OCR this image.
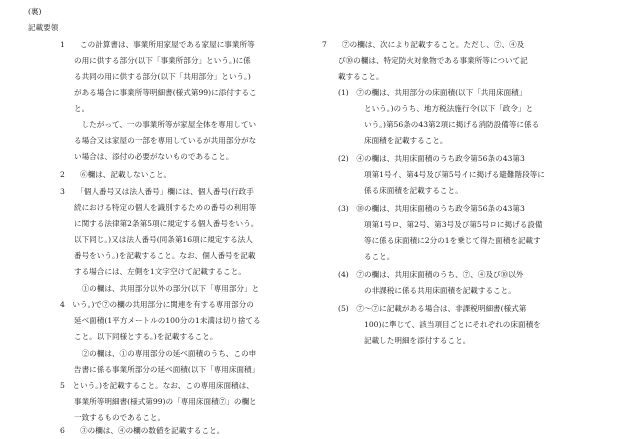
(裏)
記載要領

1　　この計算書は、事業所用家屋である家屋に事業所等

の用に供する部分(以下「事業所部分」という。)に係

る共同の用に供する部分(以下「共用部分」という。)

がある場合に事業所等明細書(様式第99)に添付するこ

と。

　したがって、一の事業所等が家屋全体を専用してい

る場合又は家屋の一部を専用しているが共用部分がな

い場合は、添付の必要がないものであること。

2　　⑥欄は、記載しないこと。

3　　「個人番号又は法人番号」欄には、個人番号(行政手

続における特定の個人を識別するための番号の利用等

に関する法律第2条第5項に規定する個人番号をいう。

以下同じ。)又は法人番号(同条第16項に規定する法人

番号をいう。)を記載すること。なお、個人番号を記載

する場合には、左側を1文字空けて記載すること。

　①の欄は、共用部分以外の部分(以下「専用部分」と

4　いう。)で⑦の欄の共用部分に関連を有する専用部分の

延べ面積(1平方メートルの100分の1未満は切り捨てる

こと。以下同様とする。)を記載すること。

　②の欄は、①の専用部分の延べ面積のうち、この申

告書に係る事業所部分の延べ面積(以下「専用床面積」

5　という。)を記載すること。なお、この専用床面積は、

事業所等明細書(様式第99)の「専用床面積⑦」の欄と

一致するものであること。

6　　③の欄は、④の欄の数値を記載すること。

7　　⑦の欄は、次により記載すること。ただし、⑦、④及

び⑩の欄は、特定防火対象物である事業所等について記

載すること。

(1)　⑦の欄は、共用部分の床面積(以下「共用床面積」

という。)のうち、地方税法施行令(以下「政令」と

いう。)第56条の43第2項に掲げる消防設備等に係る

床面積を記載すること。

(2)　④の欄は、共用床面積のうち政令第56条の43第3

項第1号イ、第4号及び第5号イに掲げる避難階段等に

係る床面積を記載すること。

(3)　⑩の欄は、共用床面積のうち政令第56条の43第3

項第1号ロ、第2号、第3号及び第5号ロに掲げる設備

等に係る床面積に2分の1を乗じて得た面積を記載す

ること。

(4)　⑦の欄は、共用床面積のうち、⑦、④及び⑩以外

の非課税に係る共用床面積を記載すること。

(5)　⑦～⑦に記載がある場合は、非課税明細書(様式第

100)に準じて、該当項目ごとにそれぞれの床面積を

記載した明細を添付すること。
